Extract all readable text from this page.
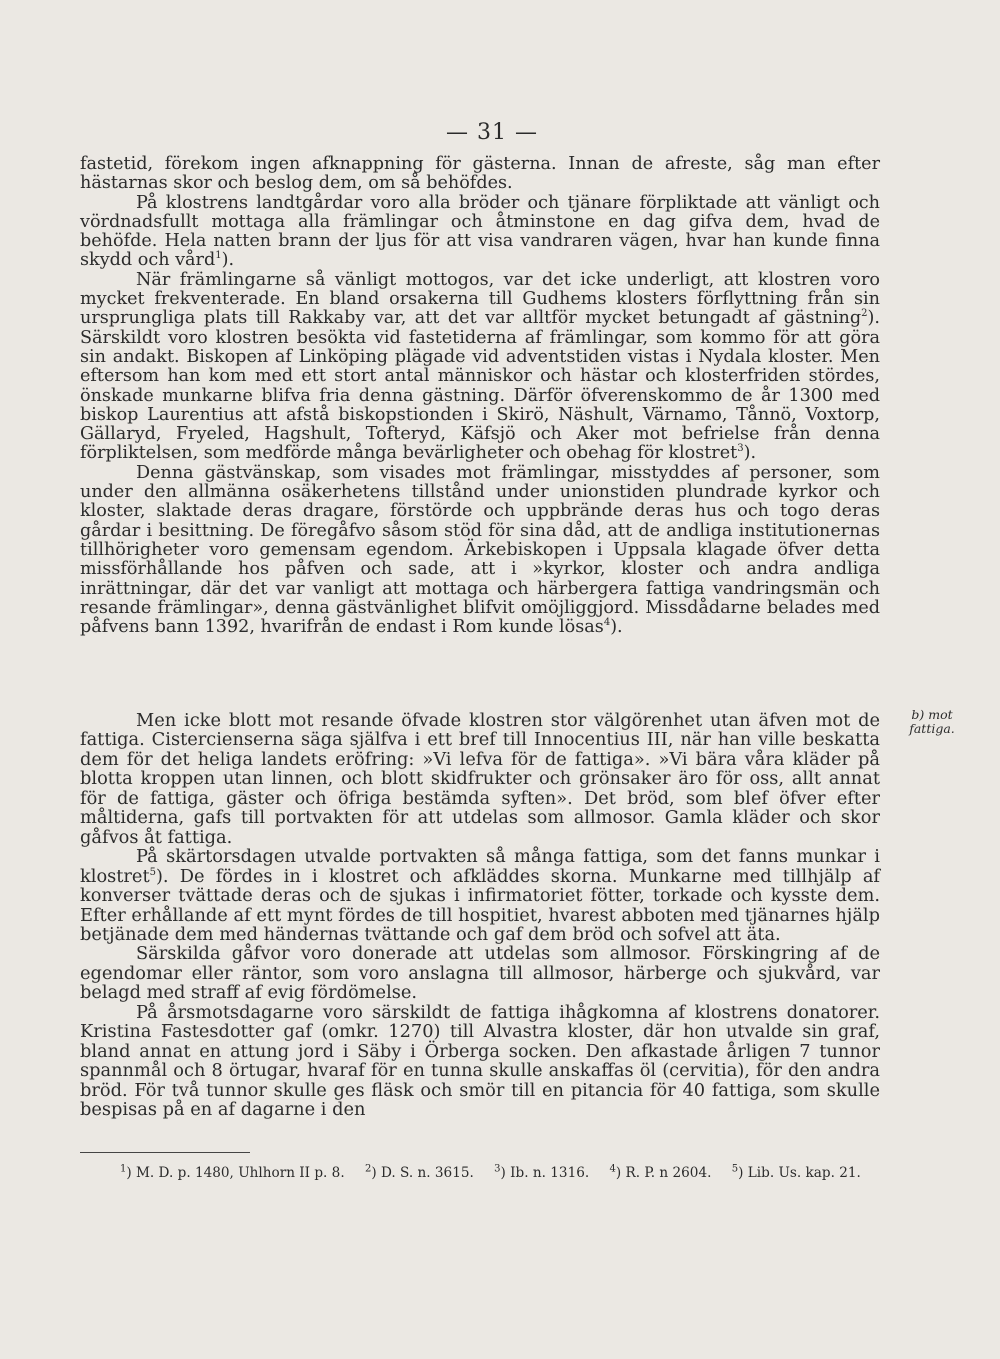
— 31 —

fastetid, förekom ingen afknappning för gästerna. Innan de afreste, såg man efter hästarnas skor och beslog dem, om så behöfdes.

På klostrens landtgårdar voro alla bröder och tjänare förpliktade att vänligt och vördnadsfullt mottaga alla främlingar och åtminstone en dag gifva dem, hvad de behöfde. Hela natten brann der ljus för att visa vandraren vägen, hvar han kunde finna skydd och vård$^1$).

När främlingarne så vänligt mottogos, var det icke underligt, att klostren voro mycket frekventerade. En bland orsakerna till Gudhems klosters förflyttning från sin ursprungliga plats till Rakkaby var, att det var alltför mycket betungadt af gästning$^2$). Särskildt voro klostren besökta vid fastetiderna af främlingar, som kommo för att göra sin andakt. Biskopen af Linköping plägade vid adventstiden vistas i Nydala kloster. Men eftersom han kom med ett stort antal människor och hästar och klosterfriden stördes, önskade munkarne blifva fria denna gästning. Därför öfverenskommo de år 1300 med biskop Laurentius att afstå biskopstionden i Skirö, Näshult, Värnamo, Tånnö, Voxtorp, Gällaryd, Fryeled, Hagshult, Tofteryd, Käfsjö och Aker mot befrielse från denna förpliktelsen, som medförde många bevärligheter och obehag för klostret$^3$).

Denna gästvänskap, som visades mot främlingar, misstyddes af personer, som under den allmänna osäkerhetens tillstånd under unionstiden plundrade kyrkor och kloster, slaktade deras dragare, förstörde och uppbrände deras hus och togo deras gårdar i besittning. De föregåfvo såsom stöd för sina dåd, att de andliga institutionernas tillhörigheter voro gemensam egendom. Ärkebiskopen i Uppsala klagade öfver detta missförhållande hos påfven och sade, att i »kyrkor, kloster och andra andliga inrättningar, där det var vanligt att mottaga och härbergera fattiga vandringsmän och resande främlingar», denna gästvänlighet blifvit omöjliggjord. Missdådarne belades med påfvens bann 1392, hvarifrån de endast i Rom kunde lösas$^4$).

b) mot fattiga.

Men icke blott mot resande öfvade klostren stor välgörenhet utan äfven mot de fattiga. Cistercienserna säga själfva i ett bref till Innocentius III, när han ville beskatta dem för det heliga landets eröfring: »Vi lefva för de fattiga». »Vi bära våra kläder på blotta kroppen utan linnen, och blott skidfrukter och grönsaker äro för oss, allt annat för de fattiga, gäster och öfriga bestämda syften». Det bröd, som blef öfver efter måltiderna, gafs till portvakten för att utdelas som allmosor. Gamla kläder och skor gåfvos åt fattiga.

På skärtorsdagen utvalde portvakten så många fattiga, som det fanns munkar i klostret$^5$). De fördes in i klostret och afkläddes skorna. Munkarne med tillhjälp af konverser tvättade deras och de sjukas i infirmatoriet fötter, torkade och kysste dem. Efter erhållande af ett mynt fördes de till hospitiet, hvarest abboten med tjänarnes hjälp betjänade dem med händernas tvättande och gaf dem bröd och sofvel att äta.

Särskilda gåfvor voro donerade att utdelas som allmosor. Förskingring af de egendomar eller räntor, som voro anslagna till allmosor, härberge och sjukvård, var belagd med straff af evig fördömelse.

På årsmotsdagarne voro särskildt de fattiga ihågkomna af klostrens donatorer. Kristina Fastesdotter gaf (omkr. 1270) till Alvastra kloster, där hon utvalde sin graf, bland annat en attung jord i Säby i Örberga socken. Den afkastade årligen 7 tunnor spannmål och 8 örtugar, hvaraf för en tunna skulle anskaffas öl (cervitia), för den andra bröd. För två tunnor skulle ges fläsk och smör till en pitancia för 40 fattiga, som skulle bespisas på en af dagarne i den

$^1$) M. D. p. 1480, Uhlhorn II p. 8. $^2$) D. S. n. 3615. $^3$) Ib. n. 1316. $^4$) R. P. n 2604. $^5$) Lib. Us. kap. 21.
